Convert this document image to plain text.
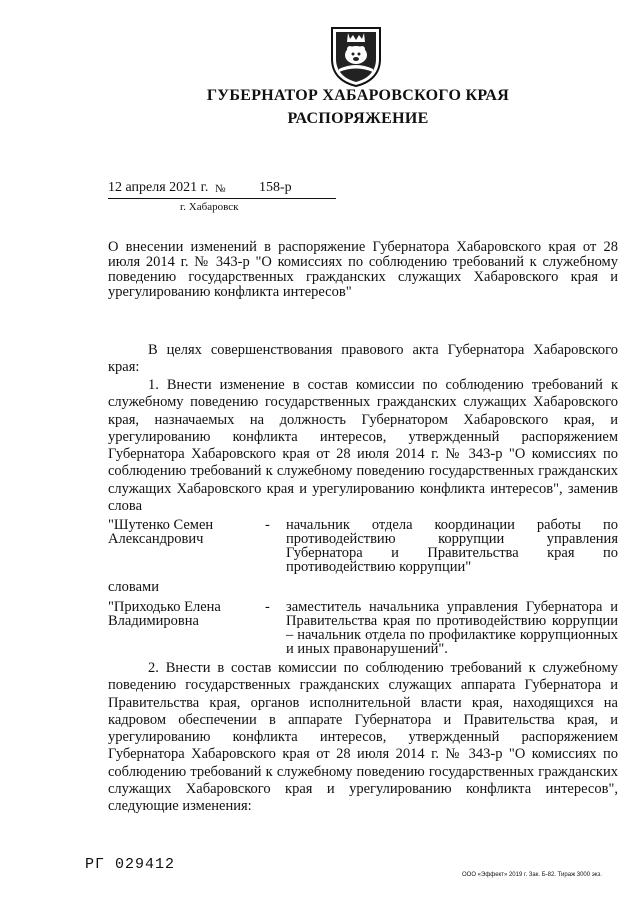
ГУБЕРНАТОР ХАБАРОВСКОГО КРАЯ
РАСПОРЯЖЕНИЕ
12 апреля 2021 г. № 158-р
г. Хабаровск
О внесении изменений в распоряжение Губернатора Хабаровского края от 28 июля 2014 г. № 343-р "О комиссиях по соблюдению требований к служебному поведению государственных гражданских служащих Хабаровского края и урегулированию конфликта интересов"
В целях совершенствования правового акта Губернатора Хабаровского края:
1. Внести изменение в состав комиссии по соблюдению требований к служебному поведению государственных гражданских служащих Хабаровского края, назначаемых на должность Губернатором Хабаровского края, и урегулированию конфликта интересов, утвержденный распоряжением Губернатора Хабаровского края от 28 июля 2014 г. № 343-р "О комиссиях по соблюдению требований к служебному поведению государственных гражданских служащих Хабаровского края и урегулированию конфликта интересов", заменив слова
"Шутенко Семен Александрович
- начальник отдела координации работы по противодействию коррупции управления Губернатора и Правительства края по противодействию коррупции"
словами
"Приходько Елена Владимировна
- заместитель начальника управления Губернатора и Правительства края по противодействию коррупции – начальник отдела по профилактике коррупционных и иных правонарушений".
2. Внести в состав комиссии по соблюдению требований к служебному поведению государственных гражданских служащих аппарата Губернатора и Правительства края, органов исполнительной власти края, находящихся на кадровом обеспечении в аппарате Губернатора и Правительства края, и урегулированию конфликта интересов, утвержденный распоряжением Губернатора Хабаровского края от 28 июля 2014 г. № 343-р "О комиссиях по соблюдению требований к служебному поведению государственных гражданских служащих Хабаровского края и урегулированию конфликта интересов", следующие изменения:
РГ 029412
ООО «Эффект» 2019 г. Зак. Б-82. Тираж 3000 экз.
